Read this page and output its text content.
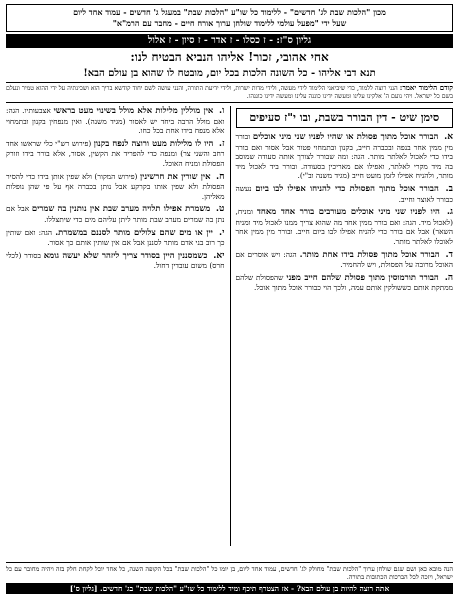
מכון "הלכות שבת לג' חדשים" - ללימוד כל שו"ע "הלכות שבת" במעגל ג' חדשים - עמוד אחד ליום
שעל ידי "מפעל עולמי ללימוד שולחן ערוך אורח חיים - מחבר עם הרמ"א"
גליון ס"ז: - ז כסלו - ז אדר - ז סיון - ז אלול
אחי אהובי, זכור! אליהו הנביא הבטיח לנו:
תנא דבי אליהו - כל השונה הלכות בכל יום, מובטח לו שהוא בן עולם הבא!
קודם הלימוד יאמר: הנני רוצה ללמוד, כדי שיביאני הלימוד לידי מעשה, ולידי מדות ישרות, ולידי ידיעת התורה, והנני עושה לשם יחוד קודשא בריך הוא ושכינתיה על ידי ההוא טמיר ונעלם בשם כל ישראל. ויהי נועם ה' אלקינו עלינו ומעשה ידינו כוננה עלינו ומעשה ידינו כוננהו.
סימן שיט - דין הבורר בשבת, ובו י"ז סעיפים
א. הבורר אוכל מתוך פסולת או שהיו לפניו שני מיני אוכלים ובורר מין ממין אחר בנפה ובכברה חייב, בקנון ובתמחוי פטור אבל אסור ואם בורר בידו כדי לאכול לאלתר מותר. הגה: ומה שבורר לצורך אותה סעודה שמוסב בה מיד מקרי לאלתר, ואפילו אם מאריכין בסעודה. ובורר ביד לאכול מיד מותר, ולהניח אפילו לזמן מועט חייב (מגיד משנה וב"י).
ב. הבורר אוכל מתוך הפסולת כדי להניחו אפילו לבו ביום נעשה כבורר לאוצר וחייב.
ג. היו לפניו שני מיני אוכלים מעורבים בורר אחד מאחד ומניח, (לאכול מיד. הגה: ואם בורר ממין אחד מה שהוא צריך ממנו לאכול מיד ומניח השאר) אבל אם בורר כדי להניח אפילו לבו ביום חייב. ובורר מין ממין אחר לאוכלו לאלתר מותר.
ד. הבורר אוכל מתוך פסולת בידו אחת מותר. הגה: ויש אוסרים אם האוכל מרובה על הפסולת, ויש להחמיר.
ה. הבורר תורמוסין מתוך פסולת שלהם חייב מפני שהפסולת שלהם ממתקת אותם כששולקין אותם עמה, ולכך הוי כבורר אוכל מתוך אוכל.
ו. אין מוללין מלילות אלא מולל בשינוי מעט בראשי אצבעותיו. הגה: ואם מולל הרבה ביחד יש לאסור (מגיד משנה). ואין מנפחין בקנון ובתמחוי אלא מנפח בידו אחת בכל כחו.
ז. היו לו מלילות מעט ורוצה לנפח בקנון (פירוש רש"י כלי שראשו אחד רחב והשני צר) ומנפה כדי להפריד את הקשין, אסור, אלא בורר בידו וזורק הפסולת ומניח האוכל.
ח. אין שורין את חרשינין (פירוש המקור) ולא שפין אותן בידו כדי להסיר הפסולת ולא שפין אותו בקרקע אבל נותן בכברה אף על פי שהן נופלות מאליהן.
ט. משמרת אפילו תלויה מערב שבת אין נותנין בה שמרים אבל אם נתן בה שמרים מערב שבת מותר ליתן עליהם מים כדי שיתצללו.
י. יין או מים שהם צלולים מותר לסננם במשמרת. הגה: ואם שותין כך רוב בני אדם מותר לסננן אבל אם אין שותין אותם כך אסור.
יא. כשמסננין היין בסודר צריך ליזהר שלא יעשה גומא בסודר (לכלי חרס) משום עובדין דחול.
הנה מובא כאן ושם שגם שולחן ערוך "הלכות שבת" מחולק לג' חדשים, עמוד אחד ליום, בן יומו כל "הלכות שבת" בכל הקופה השנה, כל אחד יוכל לקחת חלק בזה ויהיה מחובר עם כל ישראל, ויזכה לכל הברכות הכתובות בתורה.
אתה רוצה להיות בן עולם הבא? - אז הצטרף תיכף ומיד ללימוד כל שו"ע "הלכות שבת" בג' חדשים. [גליון ס']
